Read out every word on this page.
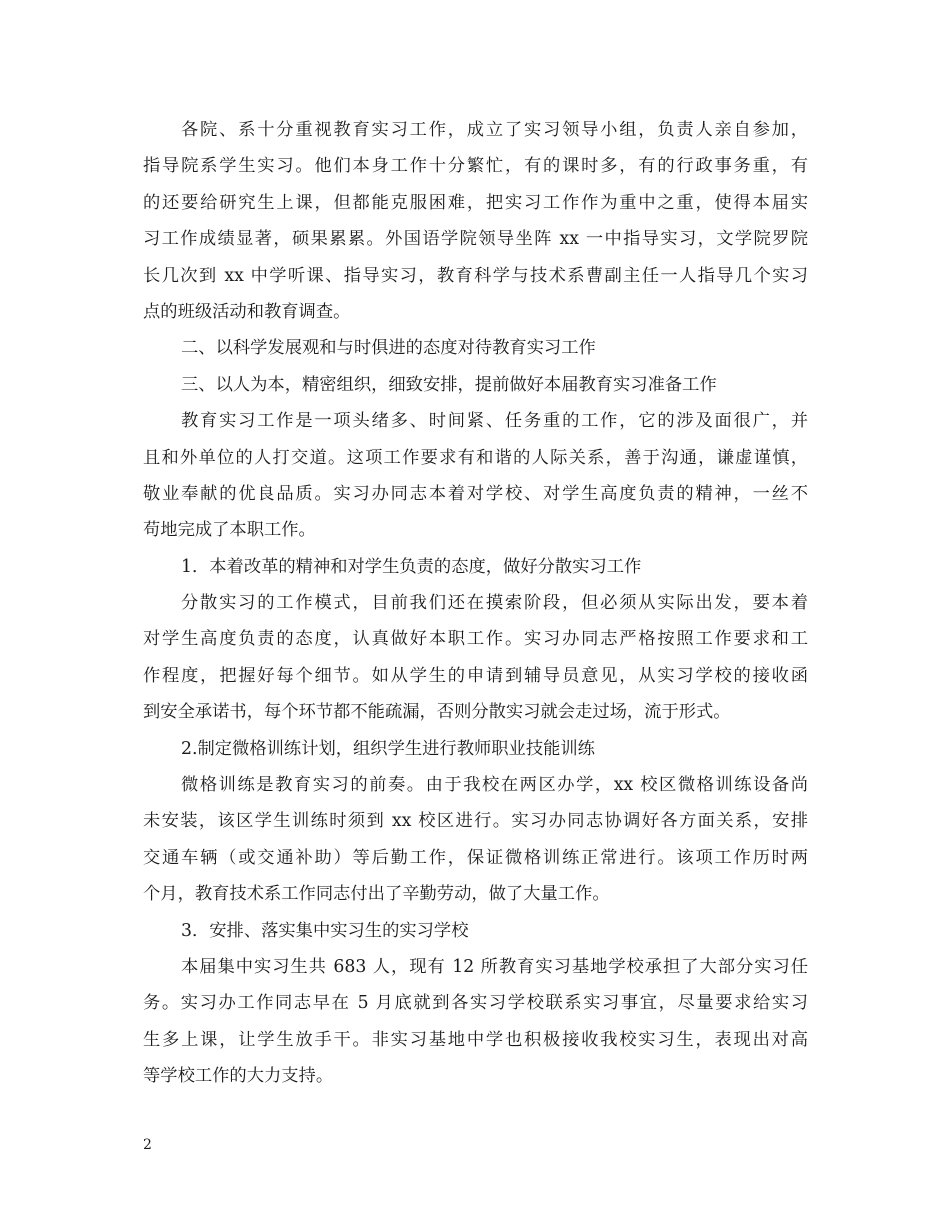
各院、系十分重视教育实习工作，成立了实习领导小组，负责人亲自参加，
指导院系学生实习。他们本身工作十分繁忙，有的课时多，有的行政事务重，有
的还要给研究生上课，但都能克服困难，把实习工作作为重中之重，使得本届实
习工作成绩显著，硕果累累。外国语学院领导坐阵 xx 一中指导实习，文学院罗院
长几次到 xx 中学听课、指导实习，教育科学与技术系曹副主任一人指导几个实习
点的班级活动和教育调查。
二、以科学发展观和与时俱进的态度对待教育实习工作
三、以人为本，精密组织，细致安排，提前做好本届教育实习准备工作
教育实习工作是一项头绪多、时间紧、任务重的工作，它的涉及面很广，并
且和外单位的人打交道。这项工作要求有和谐的人际关系，善于沟通，谦虚谨慎，
敬业奉献的优良品质。实习办同志本着对学校、对学生高度负责的精神，一丝不
苟地完成了本职工作。
1．本着改革的精神和对学生负责的态度，做好分散实习工作
分散实习的工作模式，目前我们还在摸索阶段，但必须从实际出发，要本着
对学生高度负责的态度，认真做好本职工作。实习办同志严格按照工作要求和工
作程度，把握好每个细节。如从学生的申请到辅导员意见，从实习学校的接收函
到安全承诺书，每个环节都不能疏漏，否则分散实习就会走过场，流于形式。
2.制定微格训练计划，组织学生进行教师职业技能训练
微格训练是教育实习的前奏。由于我校在两区办学，xx 校区微格训练设备尚
未安装，该区学生训练时须到 xx 校区进行。实习办同志协调好各方面关系，安排
交通车辆（或交通补助）等后勤工作，保证微格训练正常进行。该项工作历时两
个月，教育技术系工作同志付出了辛勤劳动，做了大量工作。
3．安排、落实集中实习生的实习学校
本届集中实习生共 683 人，现有 12 所教育实习基地学校承担了大部分实习任
务。实习办工作同志早在 5 月底就到各实习学校联系实习事宜，尽量要求给实习
生多上课，让学生放手干。非实习基地中学也积极接收我校实习生，表现出对高
等学校工作的大力支持。
2
